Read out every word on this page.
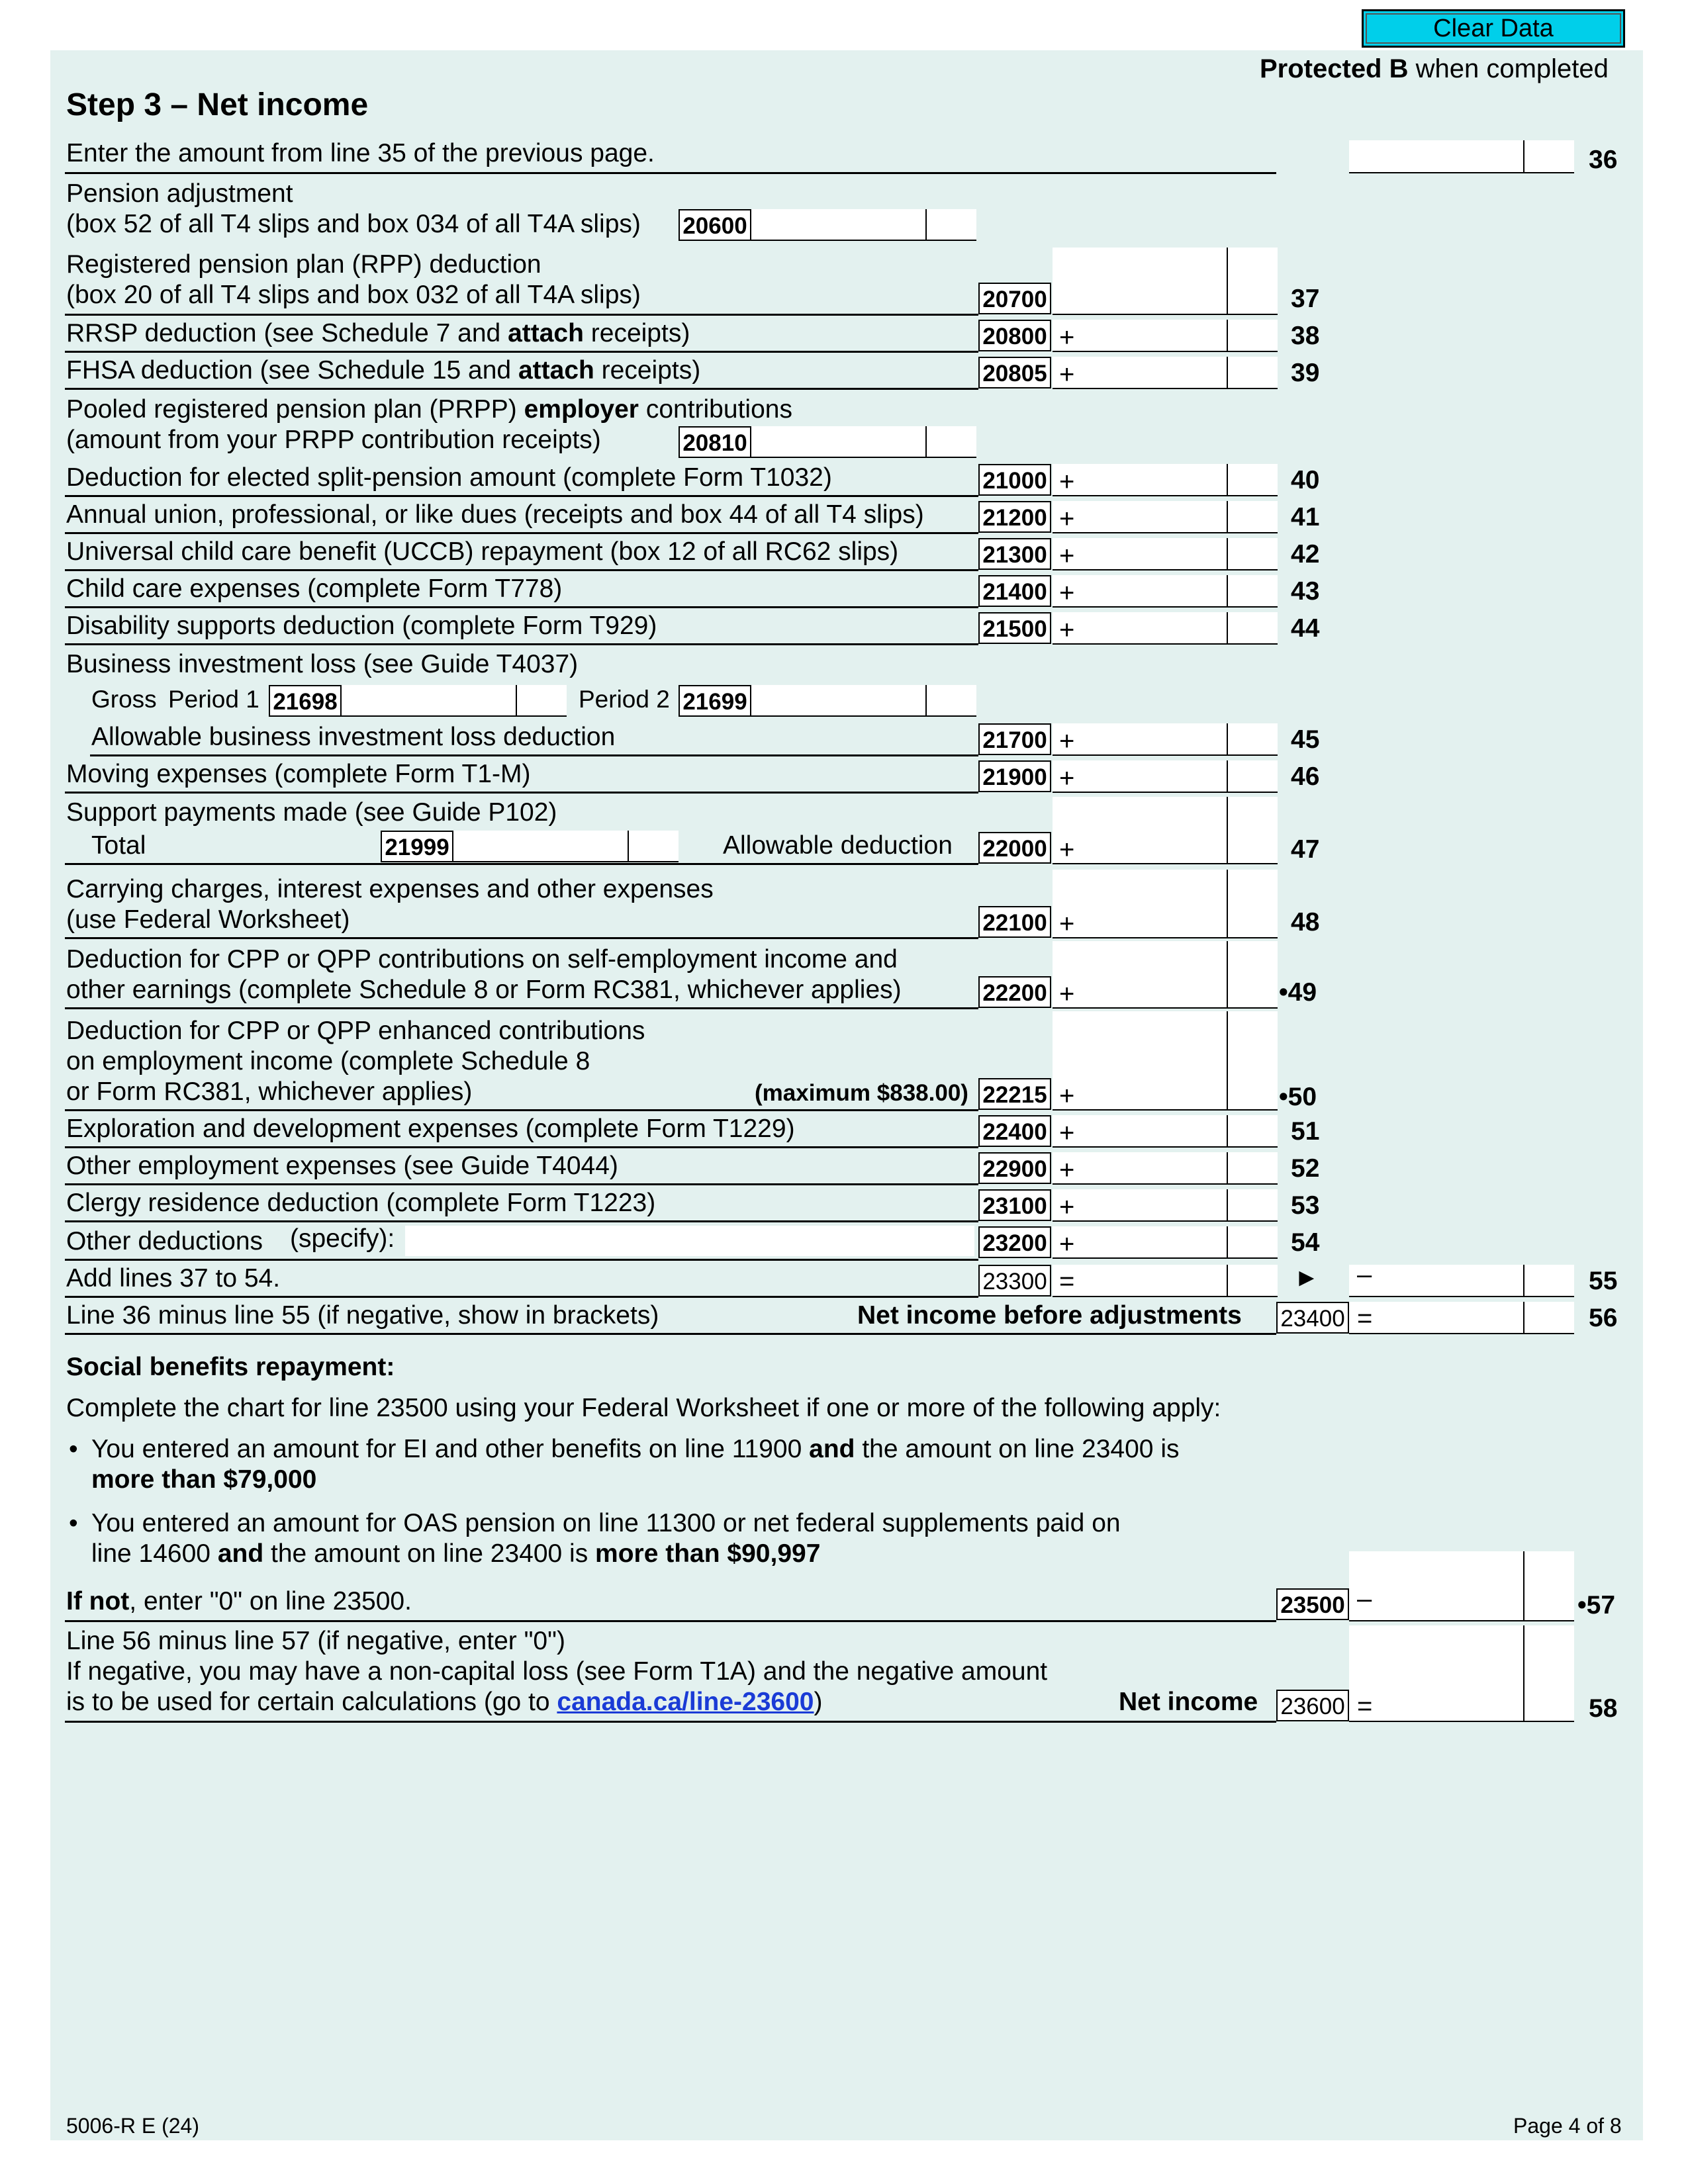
Clear Data
Protected B when completed
Step 3 – Net income
Enter the amount from line 35 of the previous page.	36
Pension adjustment
(box 52 of all T4 slips and box 034 of all T4A slips) 20600
Registered pension plan (RPP) deduction
(box 20 of all T4 slips and box 032 of all T4A slips)	20700	37
RRSP deduction (see Schedule 7 and attach receipts)	20800 +	38
FHSA deduction (see Schedule 15 and attach receipts)	20805 +	39
Pooled registered pension plan (PRPP) employer contributions
(amount from your PRPP contribution receipts)	20810
Deduction for elected split-pension amount (complete Form T1032)	21000 +	40
Annual union, professional, or like dues (receipts and box 44 of all T4 slips)	21200 +	41
Universal child care benefit (UCCB) repayment (box 12 of all RC62 slips)	21300 +	42
Child care expenses (complete Form T778)	21400 +	43
Disability supports deduction (complete Form T929)	21500 +	44
Business investment loss (see Guide T4037)
Gross Period 1 21698	Period 2 21699
Allowable business investment loss deduction	21700 +	45
Moving expenses (complete Form T1-M)	21900 +	46
Support payments made (see Guide P102)
Total	21999	Allowable deduction 22000 +	47
Carrying charges, interest expenses and other expenses
(use Federal Worksheet)	22100 +	48
Deduction for CPP or QPP contributions on self-employment income and
other earnings (complete Schedule 8 or Form RC381, whichever applies)	22200 +	•49
Deduction for CPP or QPP enhanced contributions
on employment income (complete Schedule 8
or Form RC381, whichever applies)	(maximum $838.00) 22215 +	•50
Exploration and development expenses (complete Form T1229)	22400 +	51
Other employment expenses (see Guide T4044)	22900 +	52
Clergy residence deduction (complete Form T1223)	23100 +	53
Other deductions (specify):	23200 +	54
Add lines 37 to 54.	23300 =	► –	55
Line 36 minus line 55 (if negative, show in brackets)	Net income before adjustments 23400 =	56
Social benefits repayment:
Complete the chart for line 23500 using your Federal Worksheet if one or more of the following apply:
• You entered an amount for EI and other benefits on line 11900 and the amount on line 23400 is
more than $79,000
• You entered an amount for OAS pension on line 11300 or net federal supplements paid on
line 14600 and the amount on line 23400 is more than $90,997
If not, enter "0" on line 23500.	23500 –	•57
Line 56 minus line 57 (if negative, enter "0")
If negative, you may have a non-capital loss (see Form T1A) and the negative amount
is to be used for certain calculations (go to canada.ca/line-23600)	Net income 23600 =	58
5006-R E (24)	Page 4 of 8
